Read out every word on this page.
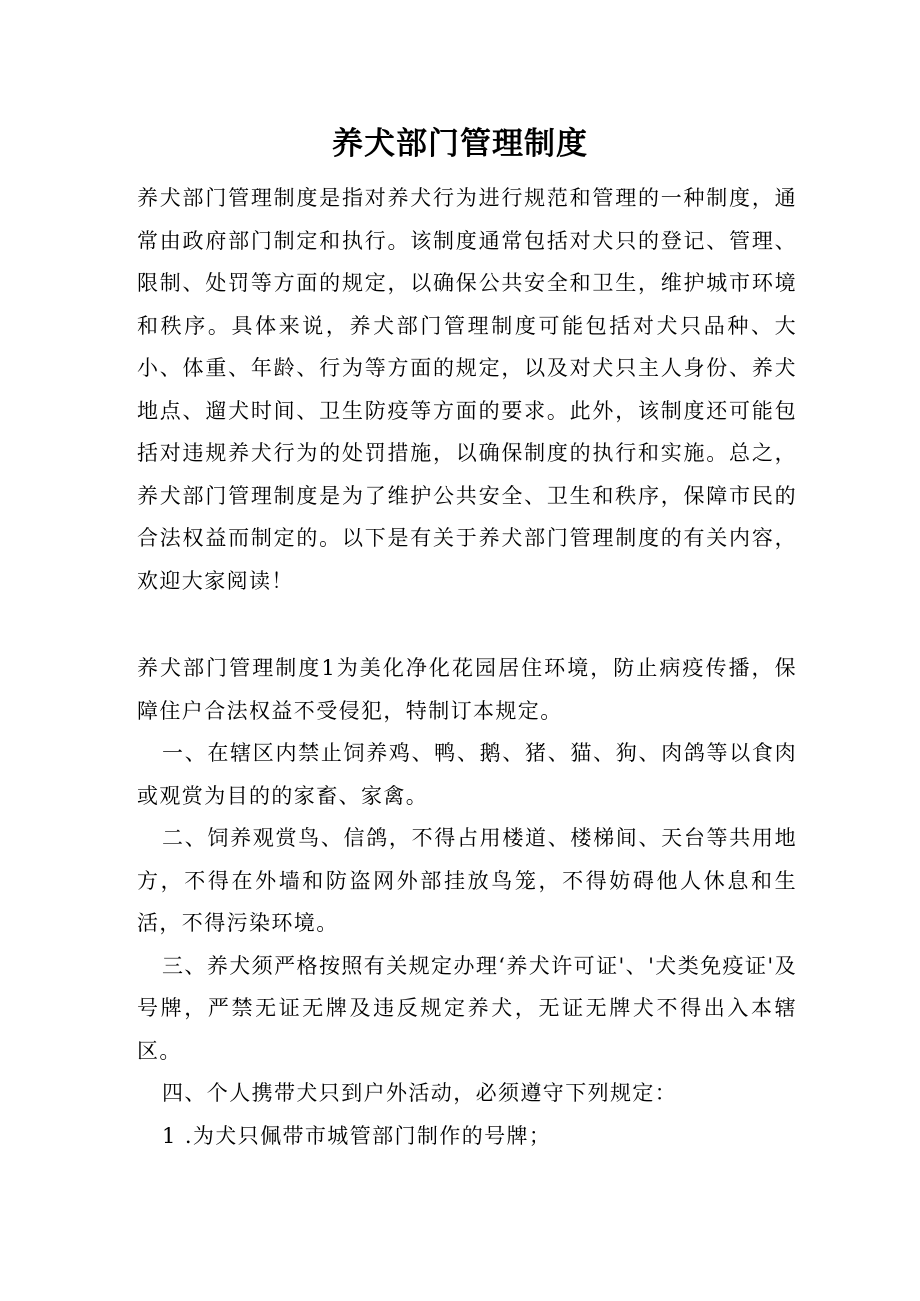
养犬部门管理制度

养犬部门管理制度是指对养犬行为进行规范和管理的一种制度，通常由政府部门制定和执行。该制度通常包括对犬只的登记、管理、限制、处罚等方面的规定，以确保公共安全和卫生，维护城市环境和秩序。具体来说，养犬部门管理制度可能包括对犬只品种、大小、体重、年龄、行为等方面的规定，以及对犬只主人身份、养犬地点、遛犬时间、卫生防疫等方面的要求。此外，该制度还可能包括对违规养犬行为的处罚措施，以确保制度的执行和实施。总之，养犬部门管理制度是为了维护公共安全、卫生和秩序，保障市民的合法权益而制定的。以下是有关于养犬部门管理制度的有关内容，欢迎大家阅读！

养犬部门管理制度1为美化净化花园居住环境，防止病疫传播，保障住户合法权益不受侵犯，特制订本规定。

一、在辖区内禁止饲养鸡、鸭、鹅、猪、猫、狗、肉鸽等以食肉或观赏为目的的家畜、家禽。

二、饲养观赏鸟、信鸽，不得占用楼道、楼梯间、天台等共用地方，不得在外墙和防盗网外部挂放鸟笼，不得妨碍他人休息和生活，不得污染环境。

三、养犬须严格按照有关规定办理‘养犬许可证'、'犬类免疫证'及号牌，严禁无证无牌及违反规定养犬，无证无牌犬不得出入本辖区。

四、个人携带犬只到户外活动，必须遵守下列规定：

1 .为犬只佩带市城管部门制作的号牌；
